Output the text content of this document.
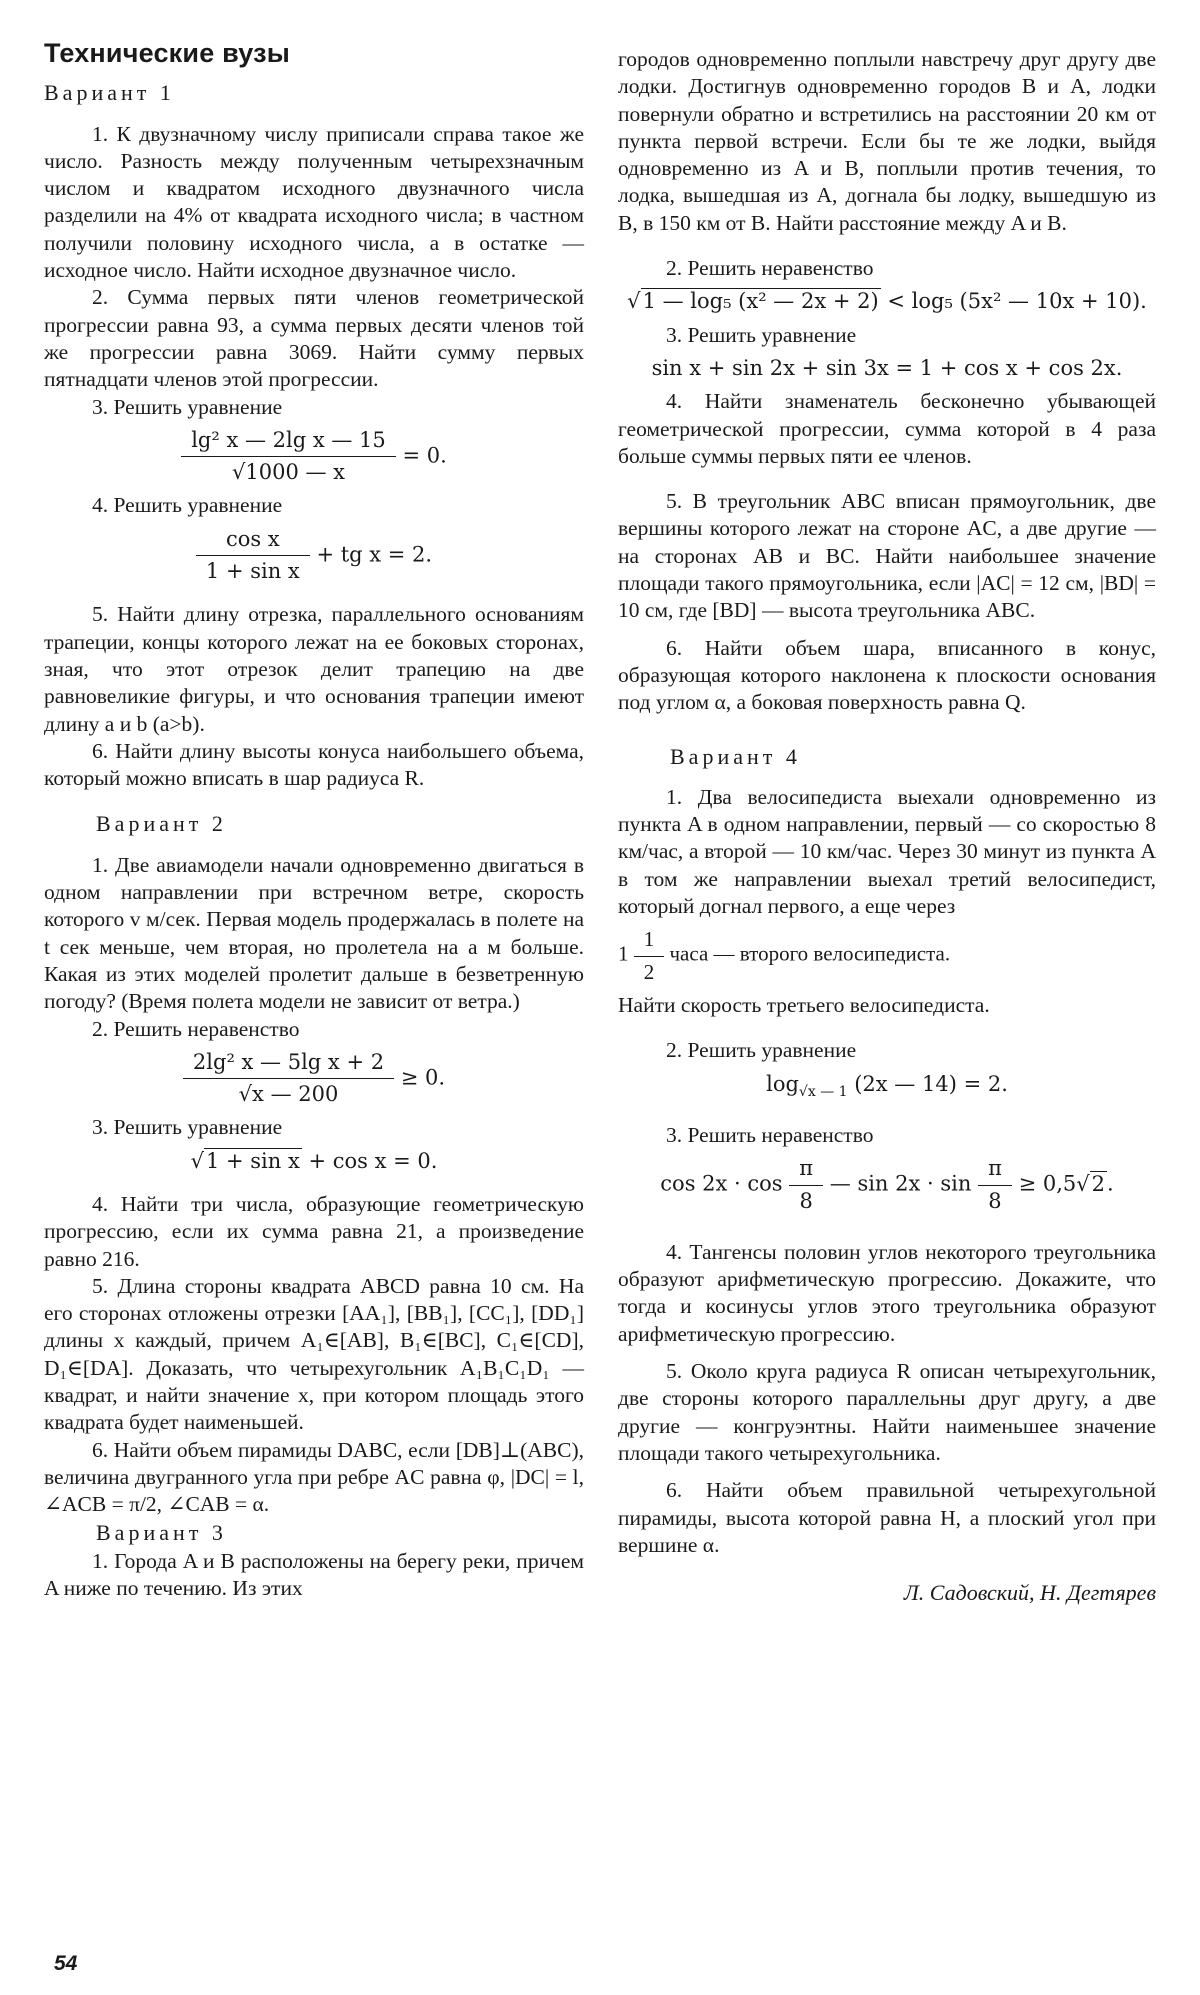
Технические вузы
Вариант 1

1. К двузначному числу приписали справа такое же число. Разность между полученным четырехзначным числом и квадратом исходного двузначного числа разделили на 4% от квадрата исходного числа; в частном получили половину исходного числа, а в остатке — исходное число. Найти исходное двузначное число.

2. Сумма первых пяти членов геометрической прогрессии равна 93, а сумма первых десяти членов той же прогрессии равна 3069. Найти сумму первых пятнадцати членов этой прогрессии.

3. Решить уравнение

$\frac{\text{lg² x — 2lg x — 15}}{√1000 — x} = 0$.

4. Решить уравнение

$\frac{\text{cos x}}{\text{1 + sin x}}$ + tg x = 2.

5. Найти длину отрезка, параллельного основаниям трапеции, концы которого лежат на ее боковых сторонах, зная, что этот отрезок делит трапецию на две равновеликие фигуры, и что основания трапеции имеют длину a и b (a>b).

6. Найти длину высоты конуса наибольшего объема, который можно вписать в шар радиуса R.

Вариант 2

1. Две авиамодели начали одновременно двигаться в одном направлении при встречном ветре, скорость которого v м/сек. Первая модель продержалась в полете на t сек меньше, чем вторая, но пролетела на a м больше. Какая из этих моделей пролетит дальше в безветренную погоду? (Время полета модели не зависит от ветра.)

2. Решить неравенство

$\frac{\text{2lg² x — 5lg x + 2}}{√x — 200} \ge 0$.

3. Решить уравнение

√1 + sin x + cos x = 0.

4. Найти три числа, образующие геометрическую прогрессию, если их сумма равна 21, а произведение равно 216.

5. Длина стороны квадрата ABCD равна 10 см. На его сторонах отложены отрезки [AA₁], [BB₁], [CC₁], [DD₁] длины x каждый, причем A₁∈[AB], B₁∈[BC], C₁∈[CD], D₁∈[DA]. Доказать, что четырехугольник A₁B₁C₁D₁ — квадрат, и найти значение x, при котором площадь этого квадрата будет наименьшей.

6. Найти объем пирамиды DABC, если [DB]⊥(ABC), величина двугранного угла при ребре AC равна φ, |DC| = l, ∠ACB = π/2, ∠CAB = α.

Вариант 3

1. Города A и B расположены на берегу реки, причем A ниже по течению. Из этих

городов одновременно поплыли навстречу друг другу две лодки. Достигнув одновременно городов B и A, лодки повернули обратно и встретились на расстоянии 20 км от пункта первой встречи. Если бы те же лодки, выйдя одновременно из A и B, поплыли против течения, то лодка, вышедшая из A, догнала бы лодку, вышедшую из B, в 150 км от B. Найти расстояние между A и B.

2. Решить неравенство

√1 — log₅ (x² — 2x + 2) < log₅ (5x² — 10x + 10).

3. Решить уравнение

sin x + sin 2x + sin 3x = 1 + cos x + cos 2x.

4. Найти знаменатель бесконечно убывающей геометрической прогрессии, сумма которой в 4 раза больше суммы первых пяти ее членов.

5. В треугольник ABC вписан прямоугольник, две вершины которого лежат на стороне AC, а две другие — на сторонах AB и BC. Найти наибольшее значение площади такого прямоугольника, если |AC| = 12 см, |BD| = 10 см, где [BD] — высота треугольника ABC.

6. Найти объем шара, вписанного в конус, образующая которого наклонена к плоскости основания под углом α, а боковая поверхность равна Q.

Вариант 4

1. Два велосипедиста выехали одновременно из пункта A в одном направлении, первый — со скоростью 8 км/час, а второй — 10 км/час. Через 30 минут из пункта A в том же направлении выехал третий велосипедист, который догнал первого, а еще через

$1 \frac{1}{2}$ часа — второго велосипедиста.

Найти скорость третьего велосипедиста.

2. Решить уравнение

$\log_{√x — 1} (2x$ — 14) = 2.

3. Решить неравенство

$\cos 2x \cdot \cos \frac{\pi}{8}$ — $\sin 2x \cdot \sin \frac{\pi}{8} \ge 0,5√2$.

4. Тангенсы половин углов некоторого треугольника образуют арифметическую прогрессию. Докажите, что тогда и косинусы углов этого треугольника образуют арифметическую прогрессию.

5. Около круга радиуса R описан четырехугольник, две стороны которого параллельны друг другу, а две другие — конгруэнтны. Найти наименьшее значение площади такого четырехугольника.

6. Найти объем правильной четырехугольной пирамиды, высота которой равна H, а плоский угол при вершине α.

Л. Садовский, Н. Дегтярев
54
